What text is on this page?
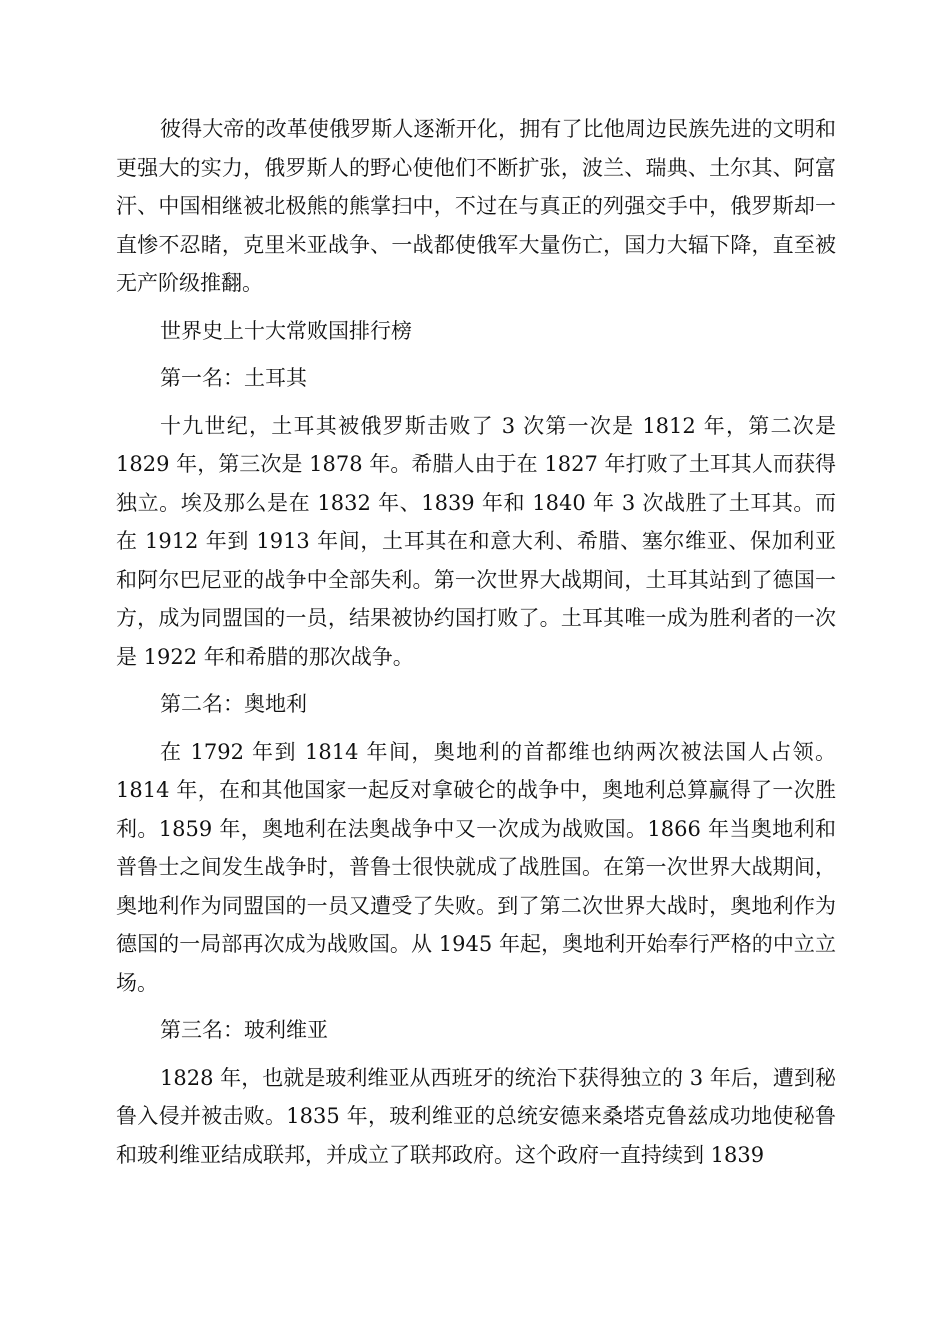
彼得大帝的改革使俄罗斯人逐渐开化，拥有了比他周边民族先进的文明和更强大的实力，俄罗斯人的野心使他们不断扩张，波兰、瑞典、土尔其、阿富汗、中国相继被北极熊的熊掌扫中，不过在与真正的列强交手中，俄罗斯却一直惨不忍睹，克里米亚战争、一战都使俄军大量伤亡，国力大辐下降，直至被无产阶级推翻。

世界史上十大常败国排行榜

第一名：土耳其

十九世纪，土耳其被俄罗斯击败了 3 次第一次是 1812 年，第二次是 1829 年，第三次是 1878 年。希腊人由于在 1827 年打败了土耳其人而获得独立。埃及那么是在 1832 年、1839 年和 1840 年 3 次战胜了土耳其。而在 1912 年到 1913 年间，土耳其在和意大利、希腊、塞尔维亚、保加利亚和阿尔巴尼亚的战争中全部失利。第一次世界大战期间，土耳其站到了德国一方，成为同盟国的一员，结果被协约国打败了。土耳其唯一成为胜利者的一次是 1922 年和希腊的那次战争。

第二名：奥地利

在 1792 年到 1814 年间，奥地利的首都维也纳两次被法国人占领。1814 年，在和其他国家一起反对拿破仑的战争中，奥地利总算赢得了一次胜利。1859 年，奥地利在法奥战争中又一次成为战败国。1866 年当奥地利和普鲁士之间发生战争时，普鲁士很快就成了战胜国。在第一次世界大战期间，奥地利作为同盟国的一员又遭受了失败。到了第二次世界大战时，奥地利作为德国的一局部再次成为战败国。从 1945 年起，奥地利开始奉行严格的中立立场。

第三名：玻利维亚

1828 年，也就是玻利维亚从西班牙的统治下获得独立的 3 年后，遭到秘鲁入侵并被击败。1835 年，玻利维亚的总统安德来桑塔克鲁兹成功地使秘鲁和玻利维亚结成联邦，并成立了联邦政府。这个政府一直持续到 1839
